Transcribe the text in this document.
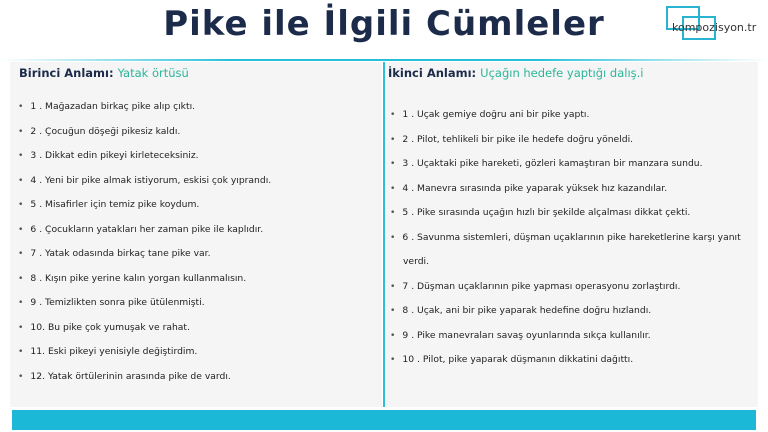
Pike ile İlgili Cümleler	kompozisyon.tr
Birinci Anlamı: Yatak örtüsü
• 1 . Mağazadan birkaç pike alıp çıktı.
• 2 . Çocuğun döşeği pikesiz kaldı.
• 3 . Dikkat edin pikeyi kirleteceksiniz.
• 4 . Yeni bir pike almak istiyorum, eskisi çok yıprandı.
• 5 . Misafirler için temiz pike koydum.
• 6 . Çocukların yatakları her zaman pike ile kaplıdır.
• 7 . Yatak odasında birkaç tane pike var.
• 8 . Kışın pike yerine kalın yorgan kullanmalısın.
• 9 . Temizlikten sonra pike ütülenmişti.
• 10. Bu pike çok yumuşak ve rahat.
• 11. Eski pikeyi yenisiyle değiştirdim.
• 12. Yatak örtülerinin arasında pike de vardı.
İkinci Anlamı: Uçağın hedefe yaptığı dalış.i
• 1 . Uçak gemiye doğru ani bir pike yaptı.
• 2 . Pilot, tehlikeli bir pike ile hedefe doğru yöneldi.
• 3 . Uçaktaki pike hareketi, gözleri kamaştıran bir manzara sundu.
• 4 . Manevra sırasında pike yaparak yüksek hız kazandılar.
• 5 . Pike sırasında uçağın hızlı bir şekilde alçalması dikkat çekti.
• 6 . Savunma sistemleri, düşman uçaklarının pike hareketlerine karşı yanıt
verdi.
• 7 . Düşman uçaklarının pike yapması operasyonu zorlaştırdı.
• 8 . Uçak, ani bir pike yaparak hedefine doğru hızlandı.
• 9 . Pike manevraları savaş oyunlarında sıkça kullanılır.
• 10 . Pilot, pike yaparak düşmanın dikkatini dağıttı.
